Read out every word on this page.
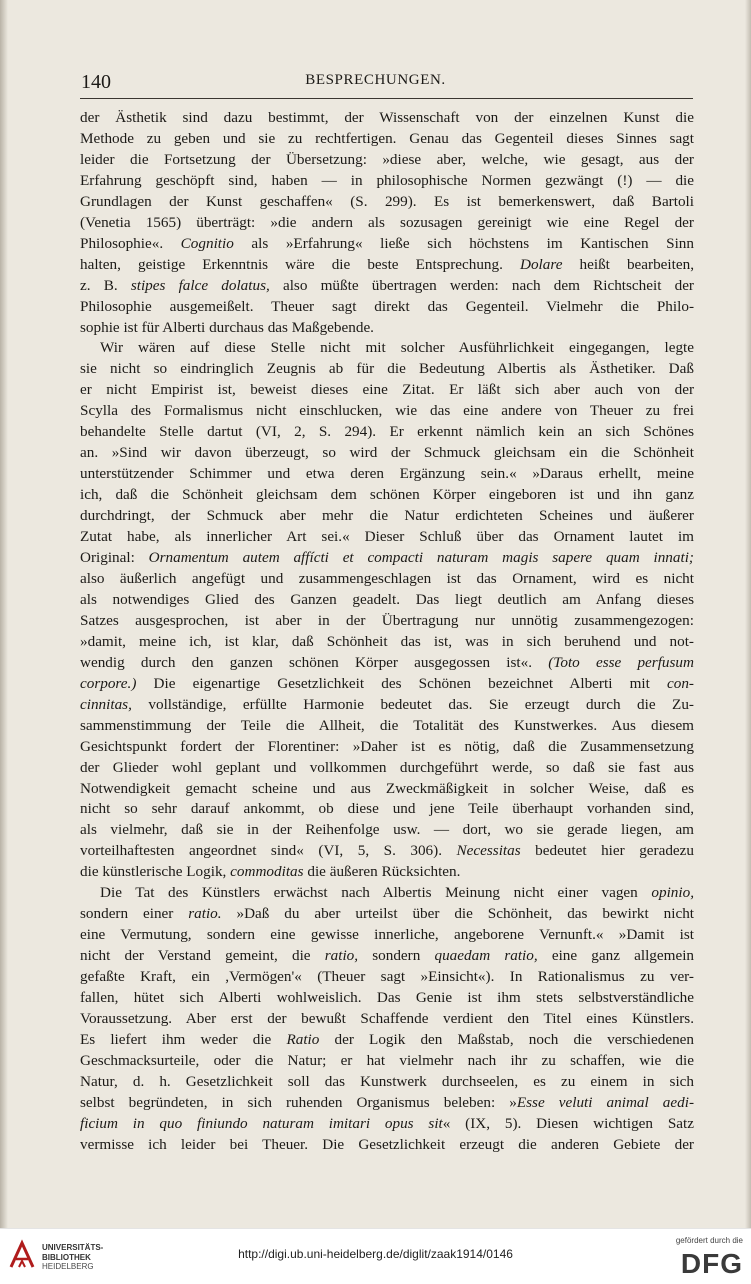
140	BESPRECHUNGEN.
der Ästhetik sind dazu bestimmt, der Wissenschaft von der einzelnen Kunst die
Methode zu geben und sie zu rechtfertigen. Genau das Gegenteil dieses Sinnes sagt
leider die Fortsetzung der Übersetzung: »diese aber, welche, wie gesagt, aus der
Erfahrung geschöpft sind, haben — in philosophische Normen gezwängt (!) — die
Grundlagen der Kunst geschaffen« (S. 299). Es ist bemerkenswert, daß Bartoli
(Venetia 1565) überträgt: »die andern als sozusagen gereinigt wie eine Regel der
Philosophie«. Cognitio als »Erfahrung« ließe sich höchstens im Kantischen Sinn
halten, geistige Erkenntnis wäre die beste Entsprechung. Dolare heißt bearbeiten,
z. B. stipes falce dolatus, also müßte übertragen werden: nach dem Richtscheit der
Philosophie ausgemeißelt. Theuer sagt direkt das Gegenteil. Vielmehr die Philo-
sophie ist für Alberti durchaus das Maßgebende.
Wir wären auf diese Stelle nicht mit solcher Ausführlichkeit eingegangen, legte
sie nicht so eindringlich Zeugnis ab für die Bedeutung Albertis als Ästhetiker. Daß
er nicht Empirist ist, beweist dieses eine Zitat. Er läßt sich aber auch von der
Scylla des Formalismus nicht einschlucken, wie das eine andere von Theuer zu frei
behandelte Stelle dartut (VI, 2, S. 294). Er erkennt nämlich kein an sich Schönes
an. »Sind wir davon überzeugt, so wird der Schmuck gleichsam ein die Schönheit
unterstützender Schimmer und etwa deren Ergänzung sein.« »Daraus erhellt, meine
ich, daß die Schönheit gleichsam dem schönen Körper eingeboren ist und ihn ganz
durchdringt, der Schmuck aber mehr die Natur erdichteten Scheines und äußerer
Zutat habe, als innerlicher Art sei.« Dieser Schluß über das Ornament lautet im
Original: Ornamentum autem affícti et compacti naturam magis sapere quam innati;
also äußerlich angefügt und zusammengeschlagen ist das Ornament, wird es nicht
als notwendiges Glied des Ganzen geadelt. Das liegt deutlich am Anfang dieses
Satzes ausgesprochen, ist aber in der Übertragung nur unnötig zusammengezogen:
»damit, meine ich, ist klar, daß Schönheit das ist, was in sich beruhend und not-
wendig durch den ganzen schönen Körper ausgegossen ist«. (Toto esse perfusum
corpore.) Die eigenartige Gesetzlichkeit des Schönen bezeichnet Alberti mit con-
cinnitas, vollständige, erfüllte Harmonie bedeutet das. Sie erzeugt durch die Zu-
sammenstimmung der Teile die Allheit, die Totalität des Kunstwerkes. Aus diesem
Gesichtspunkt fordert der Florentiner: »Daher ist es nötig, daß die Zusammensetzung
der Glieder wohl geplant und vollkommen durchgeführt werde, so daß sie fast aus
Notwendigkeit gemacht scheine und aus Zweckmäßigkeit in solcher Weise, daß es
nicht so sehr darauf ankommt, ob diese und jene Teile überhaupt vorhanden sind,
als vielmehr, daß sie in der Reihenfolge usw. — dort, wo sie gerade liegen, am
vorteilhaftesten angeordnet sind« (VI, 5, S. 306). Necessitas bedeutet hier geradezu
die künstlerische Logik, commoditas die äußeren Rücksichten.
Die Tat des Künstlers erwächst nach Albertis Meinung nicht einer vagen opinio,
sondern einer ratio. »Daß du aber urteilst über die Schönheit, das bewirkt nicht
eine Vermutung, sondern eine gewisse innerliche, angeborene Vernunft.« »Damit ist
nicht der Verstand gemeint, die ratio, sondern quaedam ratio, eine ganz allgemein
gefaßte Kraft, ein ,Vermögen'« (Theuer sagt »Einsicht«). In Rationalismus zu ver-
fallen, hütet sich Alberti wohlweislich. Das Genie ist ihm stets selbstverständliche
Voraussetzung. Aber erst der bewußt Schaffende verdient den Titel eines Künstlers.
Es liefert ihm weder die Ratio der Logik den Maßstab, noch die verschiedenen
Geschmacksurteile, oder die Natur; er hat vielmehr nach ihr zu schaffen, wie die
Natur, d. h. Gesetzlichkeit soll das Kunstwerk durchseelen, es zu einem in sich
selbst begründeten, in sich ruhenden Organismus beleben: »Esse veluti animal aedi-
ficium in quo finiundo naturam imitari opus sit« (IX, 5). Diesen wichtigen Satz
vermisse ich leider bei Theuer. Die Gesetzlichkeit erzeugt die anderen Gebiete der
UNIVERSITÄTS-
BIBLIOTHEK
HEIDELBERG
http://digi.ub.uni-heidelberg.de/diglit/zaak1914/0146
gefördert durch die
DFG
